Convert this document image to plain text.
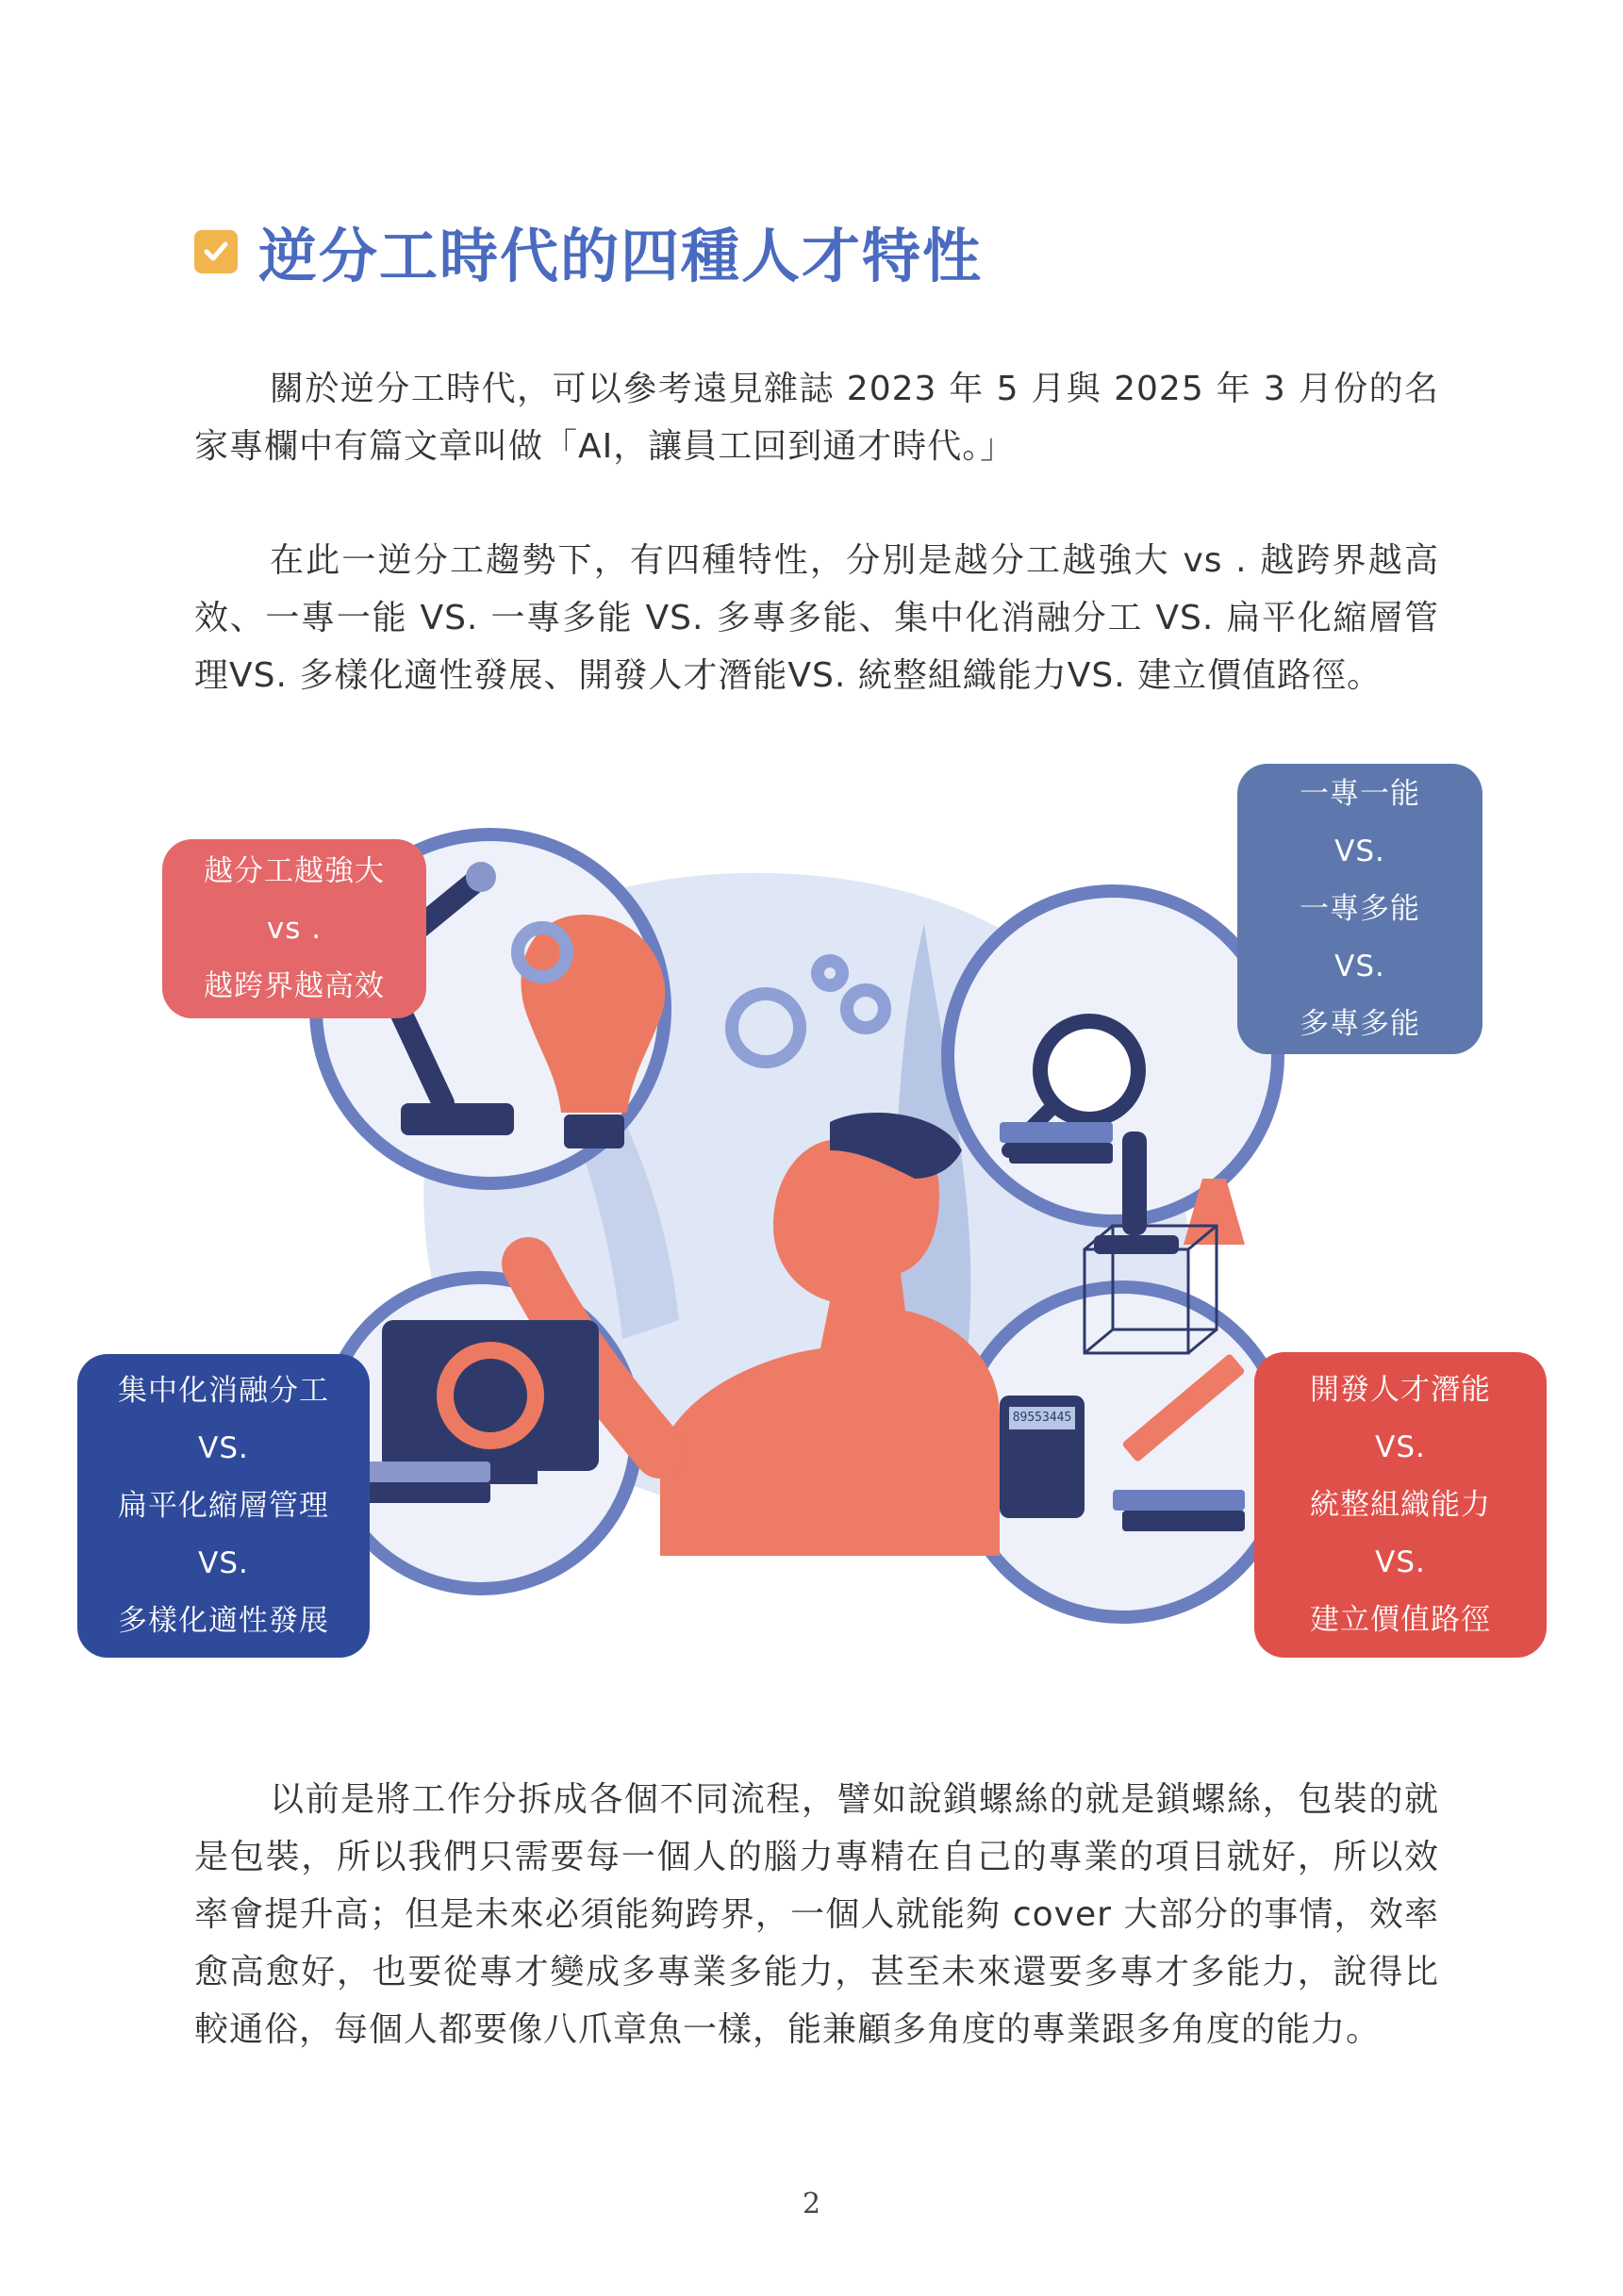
逆分工時代的四種人才特性

關於逆分工時代，可以參考遠見雜誌 2023 年 5 月與 2025 年 3 月份的名家專欄中有篇文章叫做「AI，讓員工回到通才時代。」

在此一逆分工趨勢下，有四種特性，分別是越分工越強大 vs . 越跨界越高效、一專一能 VS. 一專多能 VS. 多專多能、集中化消融分工 VS. 扁平化縮層管理VS. 多樣化適性發展、開發人才潛能VS. 統整組織能力VS. 建立價值路徑。

89553445
越分工越強大
vs .
越跨界越高效
一專一能
VS.
一專多能
VS.
多專多能
集中化消融分工
VS.
扁平化縮層管理
VS.
多樣化適性發展
開發人才潛能
VS.
統整組織能力
VS.
建立價值路徑

以前是將工作分拆成各個不同流程，譬如說鎖螺絲的就是鎖螺絲，包裝的就是包裝，所以我們只需要每一個人的腦力專精在自己的專業的項目就好，所以效率會提升高；但是未來必須能夠跨界，一個人就能夠 cover 大部分的事情，效率愈高愈好，也要從專才變成多專業多能力，甚至未來還要多專才多能力，說得比較通俗，每個人都要像八爪章魚一樣，能兼顧多角度的專業跟多角度的能力。

2
